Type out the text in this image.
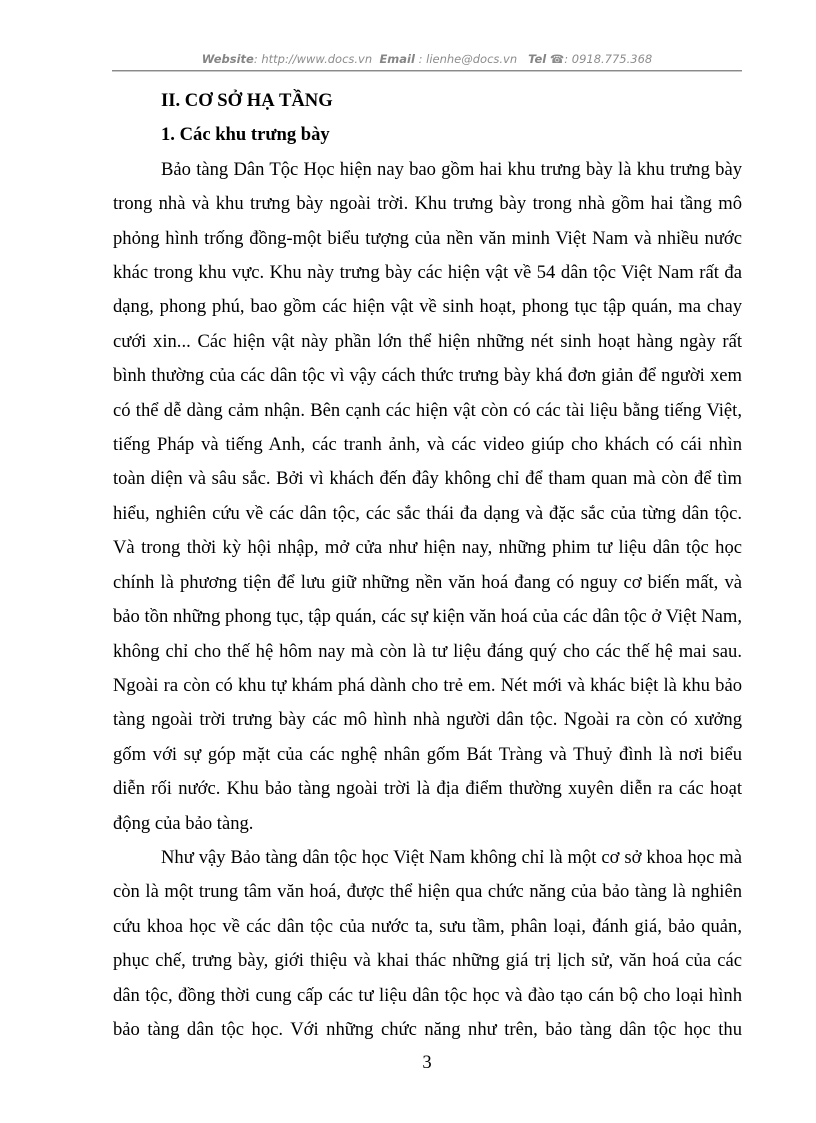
Website: http://www.docs.vn Email : lienhe@docs.vn Tel ☎: 0918.775.368
II. CƠ SỞ HẠ TẦNG
1. Các khu trưng bày

Bảo tàng Dân Tộc Học hiện nay bao gồm hai khu trưng bày là khu trưng bày trong nhà và khu trưng bày ngoài trời. Khu trưng bày trong nhà gồm hai tầng mô phỏng hình trống đồng-một biểu tượng của nền văn minh Việt Nam và nhiều nước khác trong khu vực. Khu này trưng bày các hiện vật về 54 dân tộc Việt Nam rất đa dạng, phong phú, bao gồm các hiện vật về sinh hoạt, phong tục tập quán, ma chay cưới xin... Các hiện vật này phần lớn thể hiện những nét sinh hoạt hàng ngày rất bình thường của các dân tộc vì vậy cách thức trưng bày khá đơn giản để người xem có thể dễ dàng cảm nhận. Bên cạnh các hiện vật còn có các tài liệu bằng tiếng Việt, tiếng Pháp và tiếng Anh, các tranh ảnh, và các video giúp cho khách có cái nhìn toàn diện và sâu sắc. Bởi vì khách đến đây không chỉ để tham quan mà còn để tìm hiểu, nghiên cứu về các dân tộc, các sắc thái đa dạng và đặc sắc của từng dân tộc. Và trong thời kỳ hội nhập, mở cửa như hiện nay, những phim tư liệu dân tộc học chính là phương tiện để lưu giữ những nền văn hoá đang có nguy cơ biến mất, và bảo tồn những phong tục, tập quán, các sự kiện văn hoá của các dân tộc ở Việt Nam, không chỉ cho thế hệ hôm nay mà còn là tư liệu đáng quý cho các thế hệ mai sau. Ngoài ra còn có khu tự khám phá dành cho trẻ em. Nét mới và khác biệt là khu bảo tàng ngoài trời trưng bày các mô hình nhà người dân tộc. Ngoài ra còn có xưởng gốm với sự góp mặt của các nghệ nhân gốm Bát Tràng và Thuỷ đình là nơi biểu diễn rối nước. Khu bảo tàng ngoài trời là địa điểm thường xuyên diễn ra các hoạt động của bảo tàng.

Như vậy Bảo tàng dân tộc học Việt Nam không chỉ là một cơ sở khoa học mà còn là một trung tâm văn hoá, được thể hiện qua chức năng của bảo tàng là nghiên cứu khoa học về các dân tộc của nước ta, sưu tầm, phân loại, đánh giá, bảo quản, phục chế, trưng bày, giới thiệu và khai thác những giá trị lịch sử, văn hoá của các dân tộc, đồng thời cung cấp các tư liệu dân tộc học và đào tạo cán bộ cho loại hình bảo tàng dân tộc học. Với những chức năng như trên, bảo tàng dân tộc học thu

3
